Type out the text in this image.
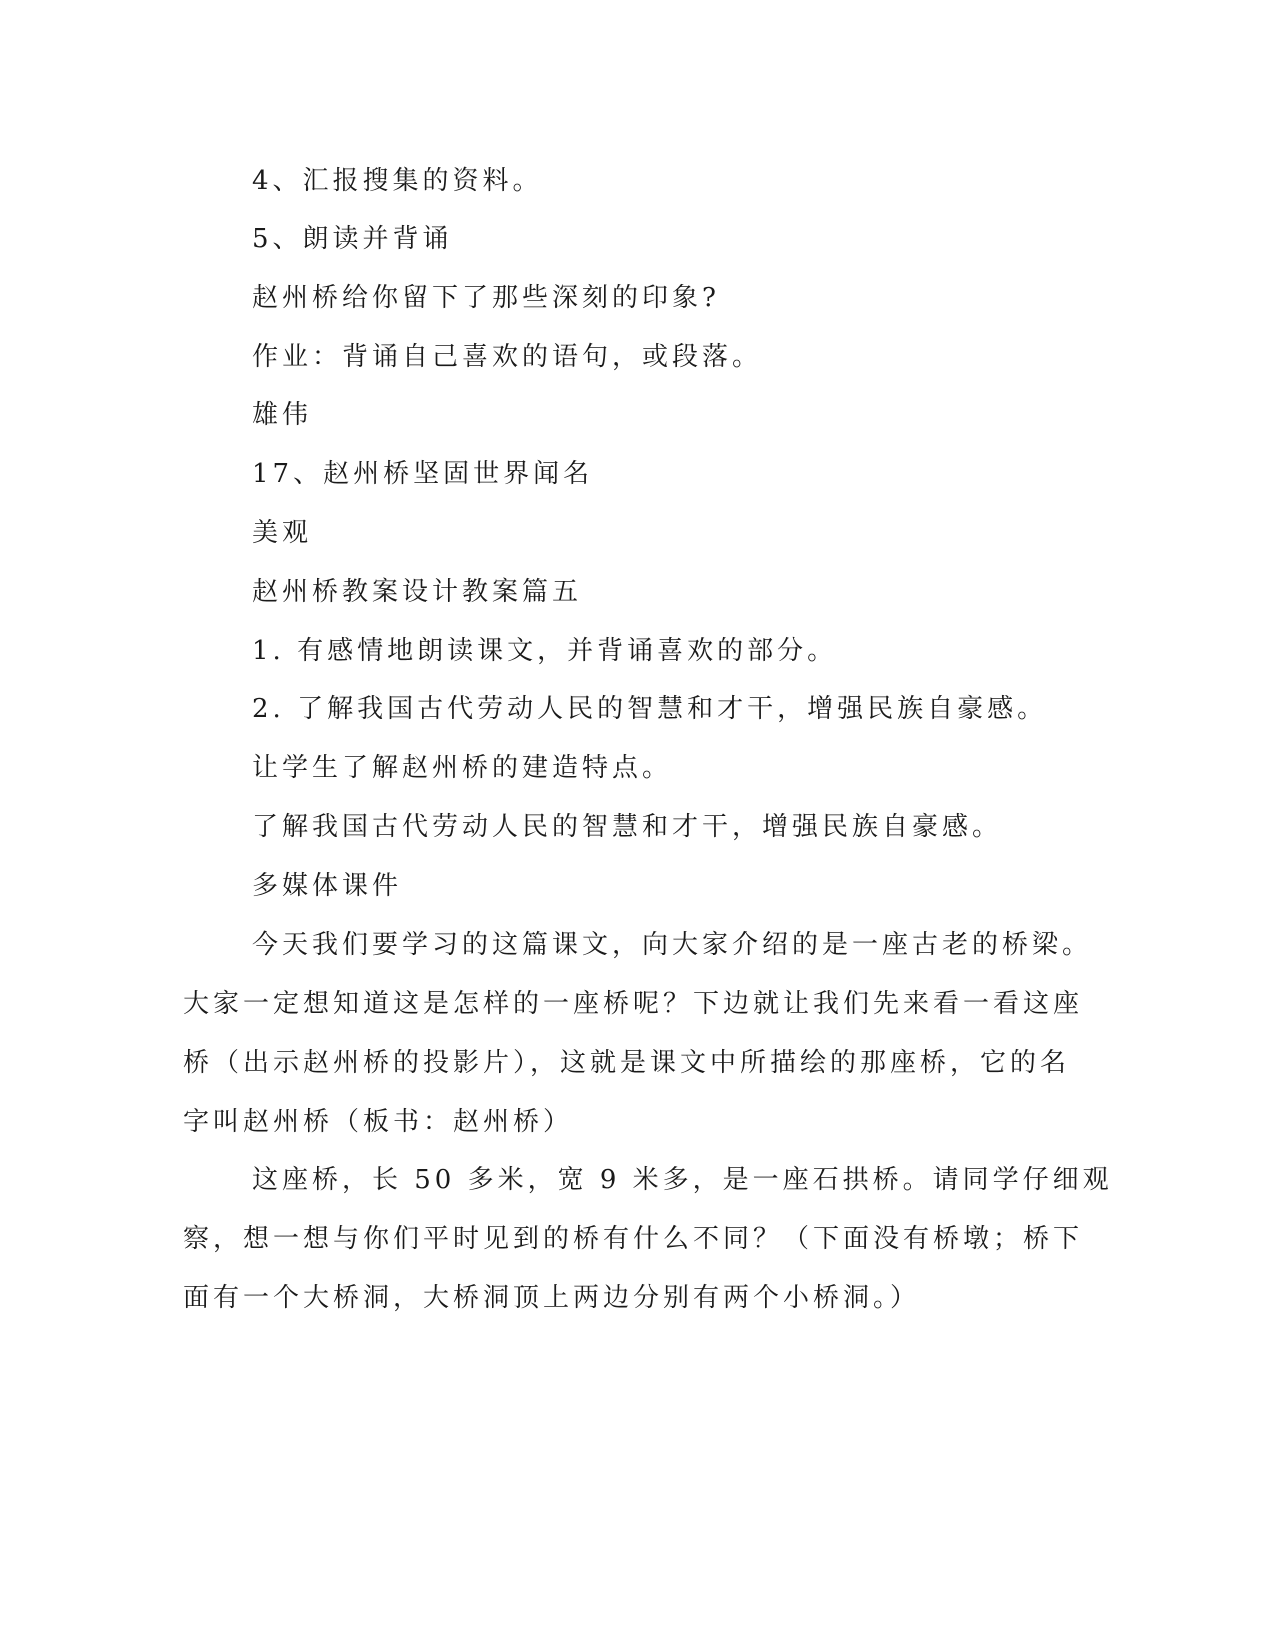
4、汇报搜集的资料。
5、朗读并背诵
赵州桥给你留下了那些深刻的印象?
作业：背诵自己喜欢的语句，或段落。
雄伟
17、赵州桥坚固世界闻名
美观
赵州桥教案设计教案篇五
1. 有感情地朗读课文，并背诵喜欢的部分。
2. 了解我国古代劳动人民的智慧和才干，增强民族自豪感。
让学生了解赵州桥的建造特点。
了解我国古代劳动人民的智慧和才干，增强民族自豪感。
多媒体课件
今天我们要学习的这篇课文，向大家介绍的是一座古老的桥梁。
大家一定想知道这是怎样的一座桥呢？下边就让我们先来看一看这座
桥（出示赵州桥的投影片），这就是课文中所描绘的那座桥，它的名
字叫赵州桥（板书：赵州桥）
这座桥，长 50 多米，宽 9 米多，是一座石拱桥。请同学仔细观
察，想一想与你们平时见到的桥有什么不同？（下面没有桥墩；桥下
面有一个大桥洞，大桥洞顶上两边分别有两个小桥洞。）
